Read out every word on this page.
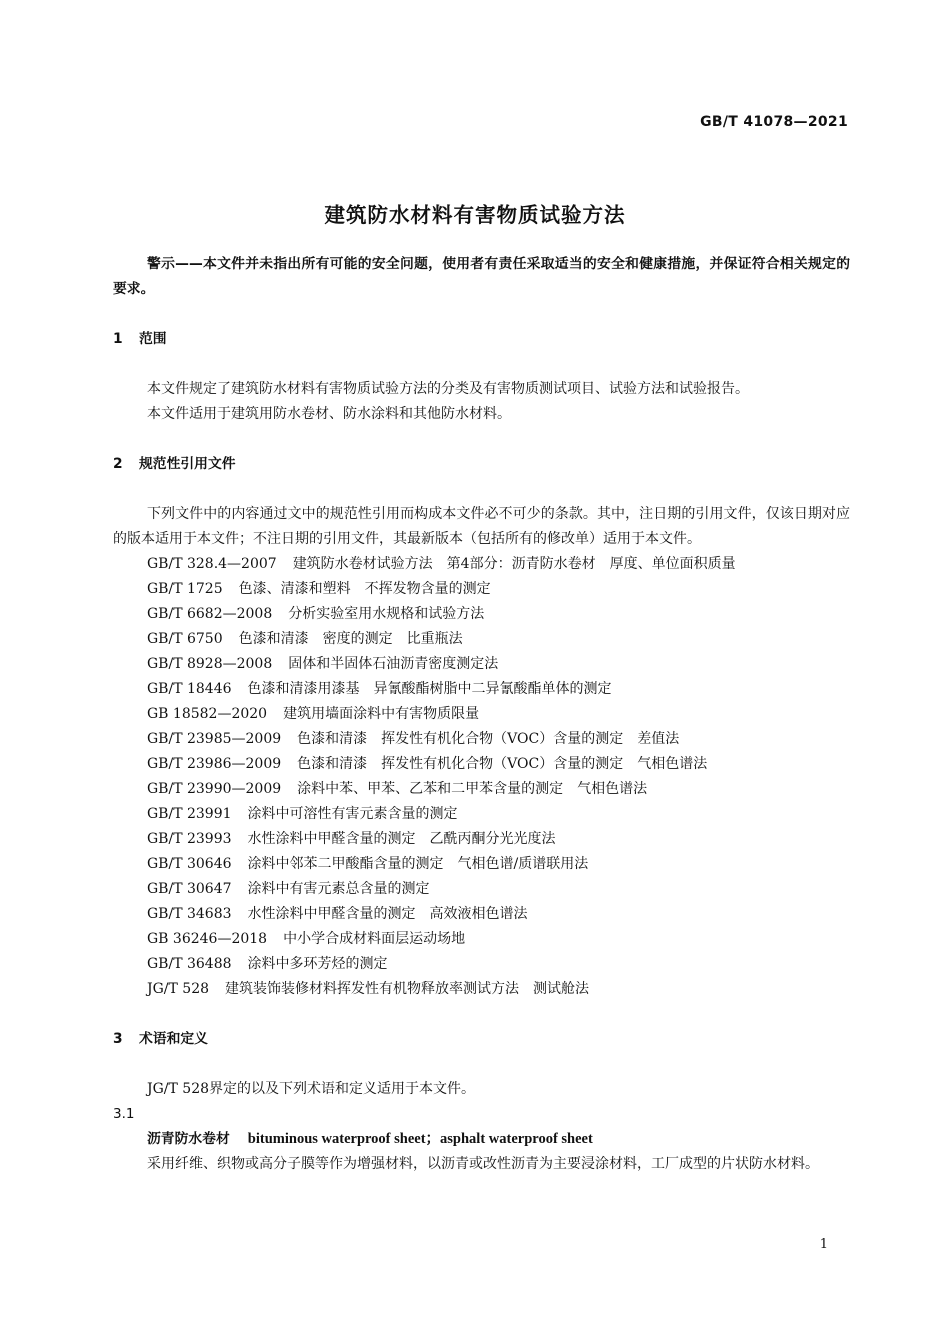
GB/T 41078—2021
建筑防水材料有害物质试验方法

警示——本文件并未指出所有可能的安全问题，使用者有责任采取适当的安全和健康措施，并保证符合相关规定的要求。

1 范围

本文件规定了建筑防水材料有害物质试验方法的分类及有害物质测试项目、试验方法和试验报告。

本文件适用于建筑用防水卷材、防水涂料和其他防水材料。

2 规范性引用文件

下列文件中的内容通过文中的规范性引用而构成本文件必不可少的条款。其中，注日期的引用文件，仅该日期对应的版本适用于本文件；不注日期的引用文件，其最新版本（包括所有的修改单）适用于本文件。

GB/T 328.4—2007 建筑防水卷材试验方法　第4部分：沥青防水卷材　厚度、单位面积质量
GB/T 1725 色漆、清漆和塑料　不挥发物含量的测定
GB/T 6682—2008 分析实验室用水规格和试验方法
GB/T 6750 色漆和清漆　密度的测定　比重瓶法
GB/T 8928—2008 固体和半固体石油沥青密度测定法
GB/T 18446 色漆和清漆用漆基　异氰酸酯树脂中二异氰酸酯单体的测定
GB 18582—2020 建筑用墙面涂料中有害物质限量
GB/T 23985—2009 色漆和清漆　挥发性有机化合物（VOC）含量的测定　差值法
GB/T 23986—2009 色漆和清漆　挥发性有机化合物（VOC）含量的测定　气相色谱法
GB/T 23990—2009 涂料中苯、甲苯、乙苯和二甲苯含量的测定　气相色谱法
GB/T 23991 涂料中可溶性有害元素含量的测定
GB/T 23993 水性涂料中甲醛含量的测定　乙酰丙酮分光光度法
GB/T 30646 涂料中邻苯二甲酸酯含量的测定　气相色谱/质谱联用法
GB/T 30647 涂料中有害元素总含量的测定
GB/T 34683 水性涂料中甲醛含量的测定　高效液相色谱法
GB 36246—2018 中小学合成材料面层运动场地
GB/T 36488 涂料中多环芳烃的测定
JG/T 528 建筑装饰装修材料挥发性有机物释放率测试方法　测试舱法
3 术语和定义

JG/T 528界定的以及下列术语和定义适用于本文件。

3.1
沥青防水卷材 bituminous waterproof sheet；asphalt waterproof sheet

采用纤维、织物或高分子膜等作为增强材料，以沥青或改性沥青为主要浸涂材料，工厂成型的片状防水材料。

1
